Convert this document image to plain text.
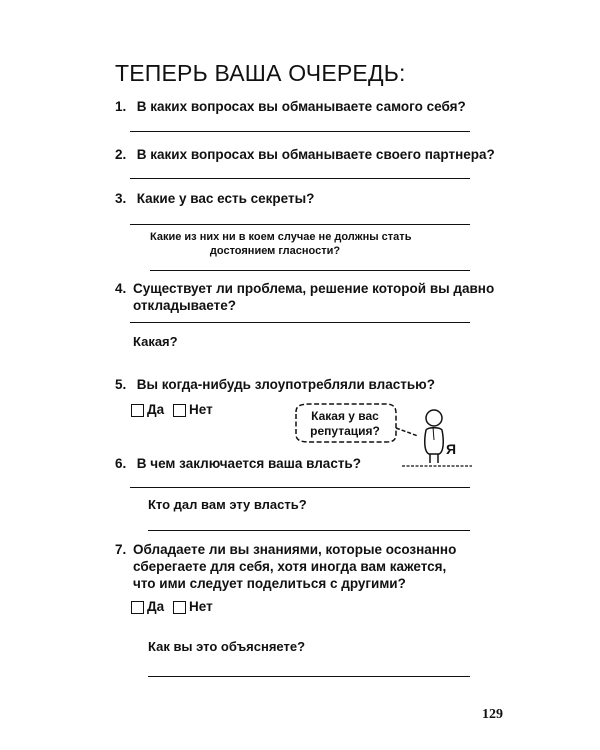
ТЕПЕРЬ ВАША ОЧЕРЕДЬ:
1. В каких вопросах вы обманываете самого себя?
2. В каких вопросах вы обманываете своего партнера?
3. Какие у вас есть секреты?
Какие из них ни в коем случае не должны стать
достоянием гласности?
4. Существует ли проблема, решение которой вы давно
откладываете?
Какая?
5. Вы когда-нибудь злоупотребляли властью?
Да Нет	Какая у вас
репутация?
Я
6. В чем заключается ваша власть?
Кто дал вам эту власть?
7. Обладаете ли вы знаниями, которые осознанно
сберегаете для себя, хотя иногда вам кажется,
что ими следует поделиться с другими?
Да Нет
Как вы это объясняете?
129
